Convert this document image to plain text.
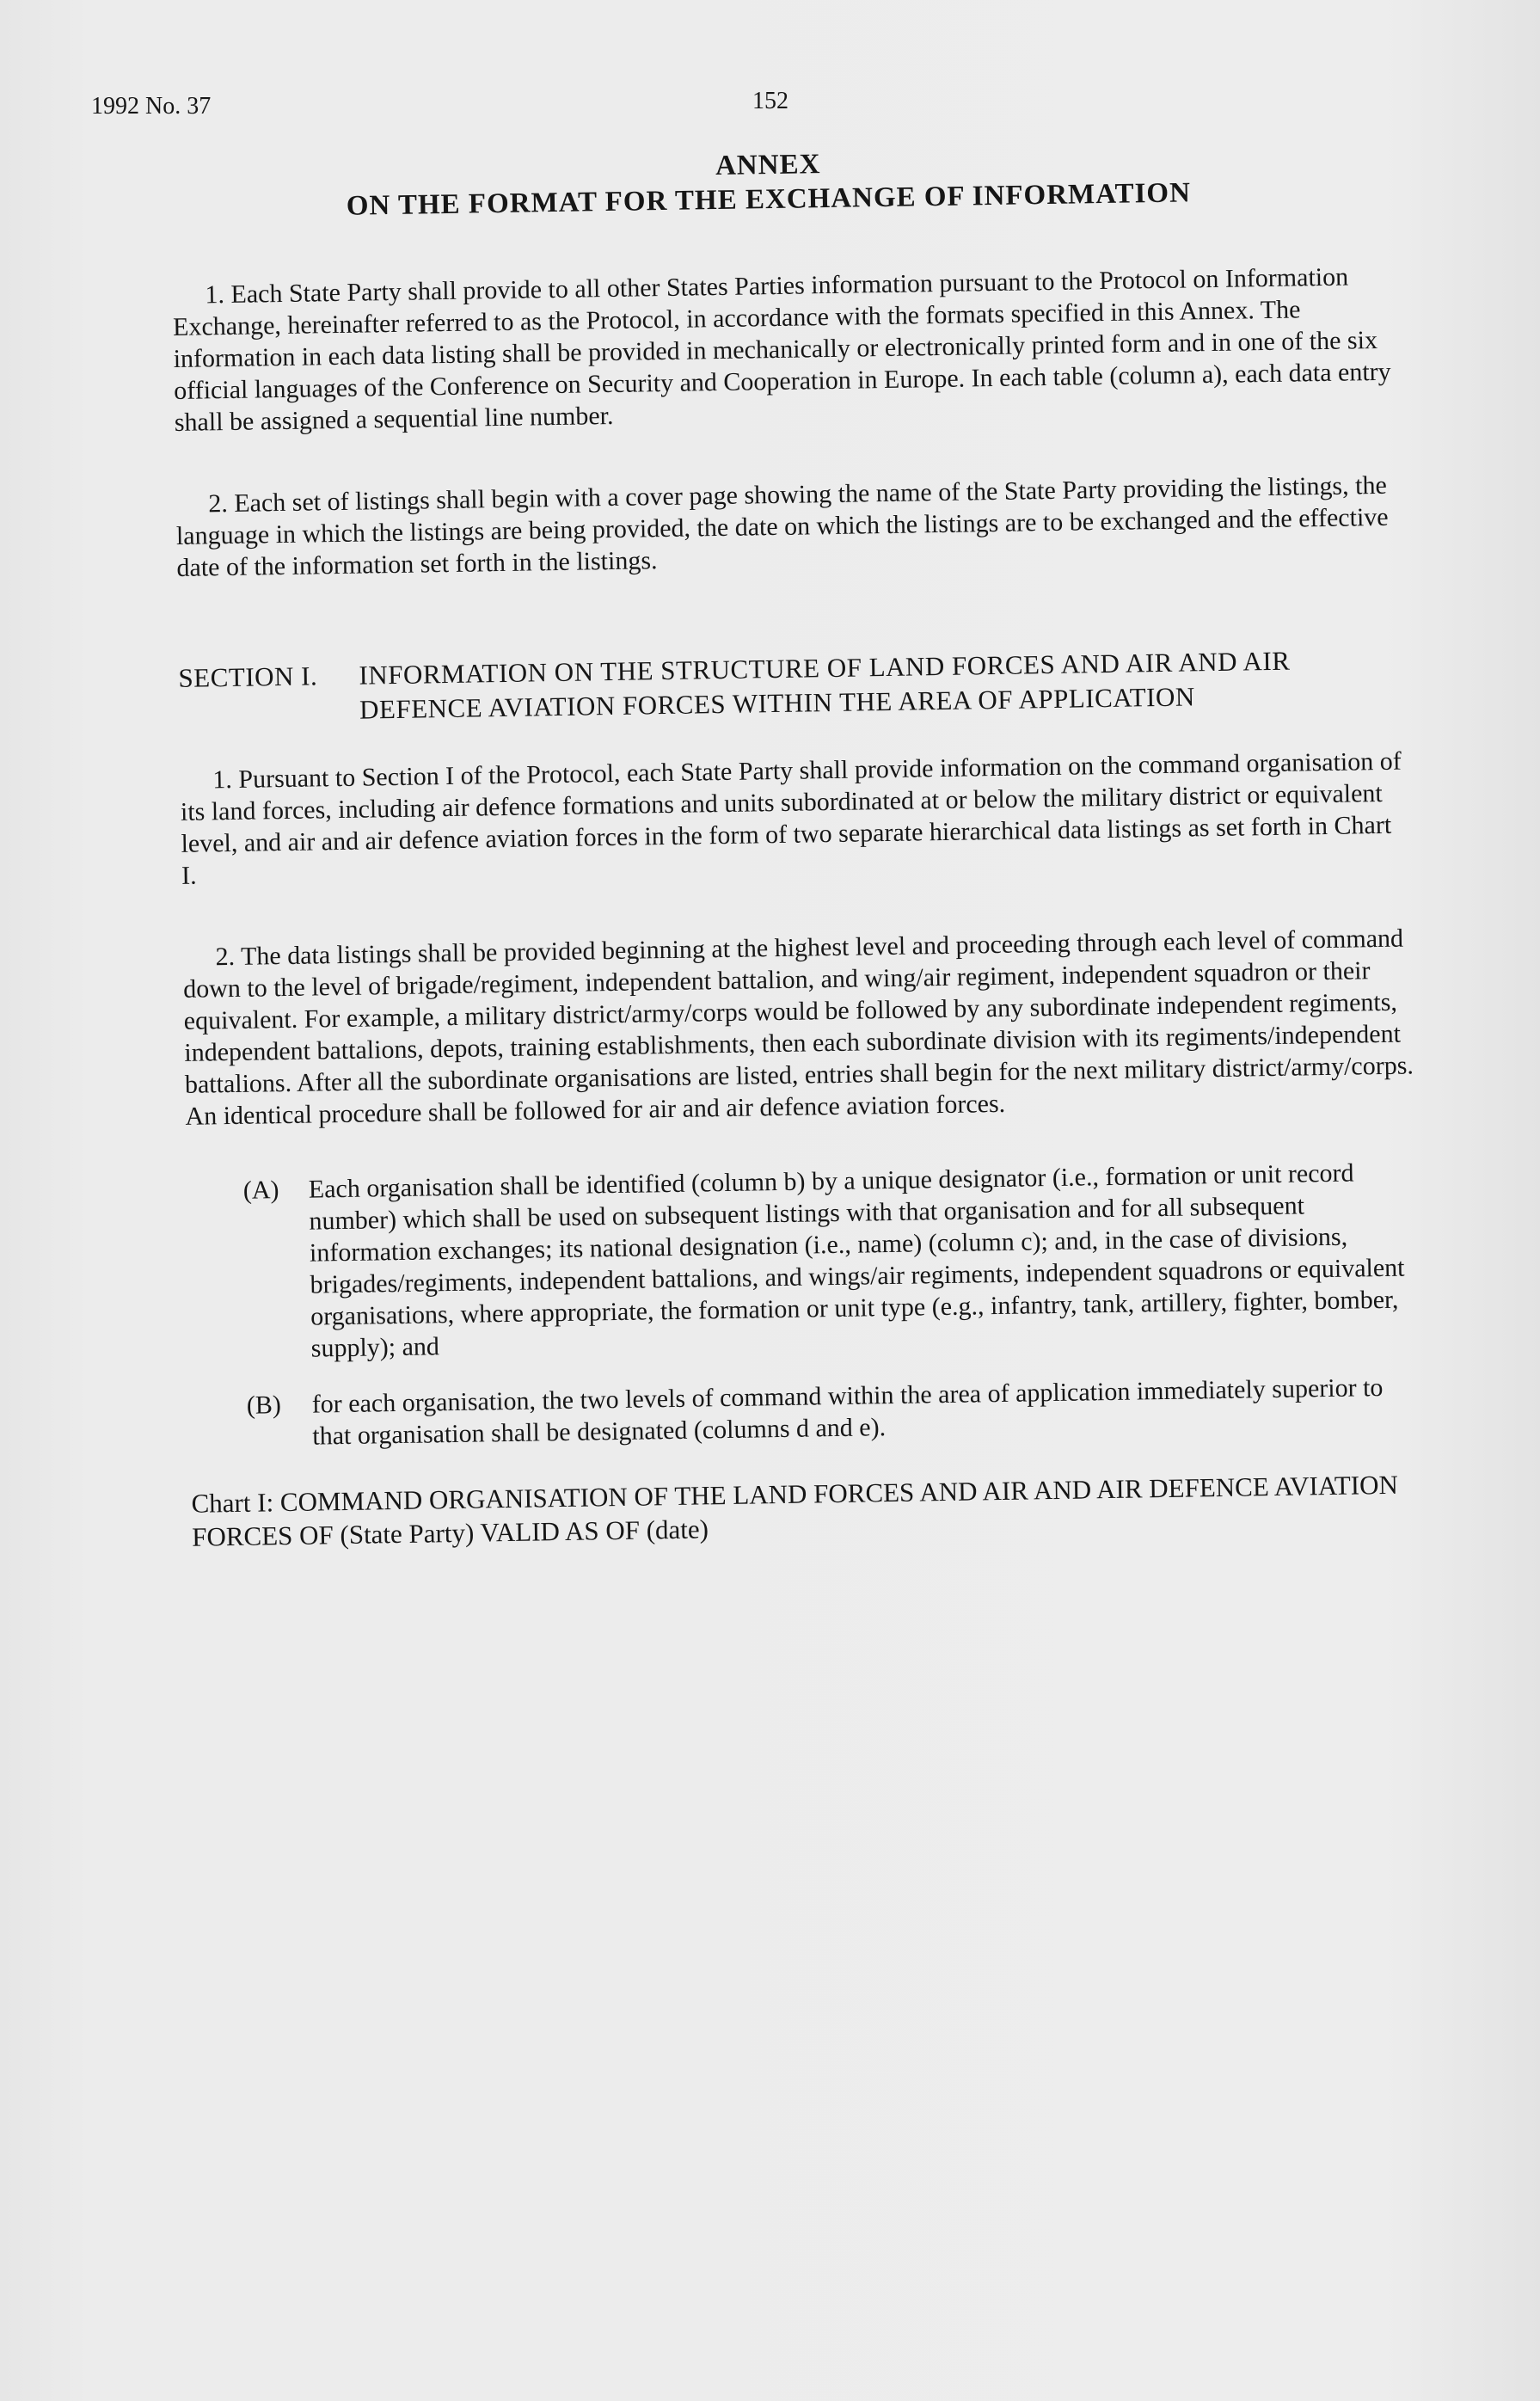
1992 No. 37	152
ANNEX
ON THE FORMAT FOR THE EXCHANGE OF INFORMATION

1. Each State Party shall provide to all other States Parties information pursuant to the Protocol on Information Exchange, hereinafter referred to as the Protocol, in accordance with the formats specified in this Annex. The information in each data listing shall be provided in mechanically or electronically printed form and in one of the six official languages of the Conference on Security and Cooperation in Europe. In each table (column a), each data entry shall be assigned a sequential line number.

2. Each set of listings shall begin with a cover page showing the name of the State Party providing the listings, the language in which the listings are being provided, the date on which the listings are to be exchanged and the effective date of the information set forth in the listings.

SECTION I.	INFORMATION ON THE STRUCTURE OF LAND FORCES AND AIR AND AIR DEFENCE AVIATION FORCES WITHIN THE AREA OF APPLICATION

1. Pursuant to Section I of the Protocol, each State Party shall provide information on the command organisation of its land forces, including air defence formations and units subordinated at or below the military district or equivalent level, and air and air defence aviation forces in the form of two separate hierarchical data listings as set forth in Chart I.

2. The data listings shall be provided beginning at the highest level and proceeding through each level of command down to the level of brigade/regiment, independent battalion, and wing/air regiment, independent squadron or their equivalent. For example, a military district/army/corps would be followed by any subordinate independent regiments, independent battalions, depots, training establishments, then each subordinate division with its regiments/independent battalions. After all the subordinate organisations are listed, entries shall begin for the next military district/army/corps. An identical procedure shall be followed for air and air defence aviation forces.

(A)	Each organisation shall be identified (column b) by a unique designator (i.e., formation or unit record number) which shall be used on subsequent listings with that organisation and for all subsequent information exchanges; its national designation (i.e., name) (column c); and, in the case of divisions, brigades/regiments, independent battalions, and wings/air regiments, independent squadrons or equivalent organisations, where appropriate, the formation or unit type (e.g., infantry, tank, artillery, fighter, bomber, supply); and
(B)	for each organisation, the two levels of command within the area of application immediately superior to that organisation shall be designated (columns d and e).
Chart I: COMMAND ORGANISATION OF THE LAND FORCES AND AIR AND AIR DEFENCE AVIATION FORCES OF (State Party) VALID AS OF (date)
